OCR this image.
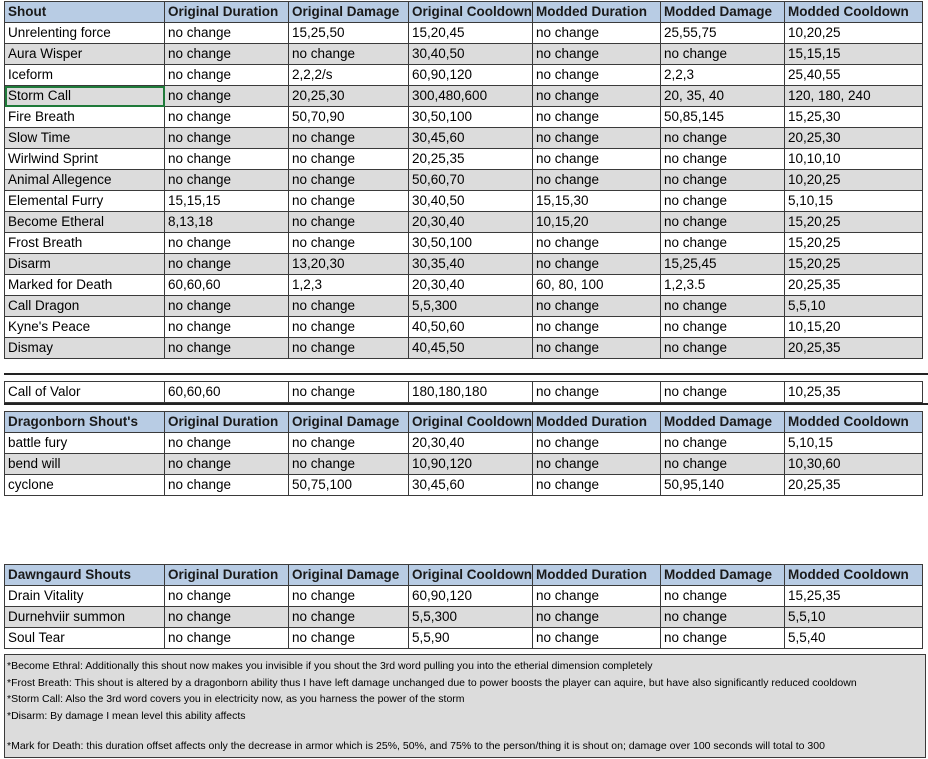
Shout	Original Duration	Original Damage	Original Cooldown	Modded Duration	Modded Damage	Modded Cooldown
Unrelenting force	no change	15,25,50	15,20,45	no change	25,55,75	10,20,25
Aura Wisper	no change	no change	30,40,50	no change	no change	15,15,15
Iceform	no change	2,2,2/s	60,90,120	no change	2,2,3	25,40,55
Storm Call	no change	20,25,30	300,480,600	no change	20, 35, 40	120, 180, 240
Fire Breath	no change	50,70,90	30,50,100	no change	50,85,145	15,25,30
Slow Time	no change	no change	30,45,60	no change	no change	20,25,30
Wirlwind Sprint	no change	no change	20,25,35	no change	no change	10,10,10
Animal Allegence	no change	no change	50,60,70	no change	no change	10,20,25
Elemental Furry	15,15,15	no change	30,40,50	15,15,30	no change	5,10,15
Become Etheral	8,13,18	no change	20,30,40	10,15,20	no change	15,20,25
Frost Breath	no change	no change	30,50,100	no change	no change	15,20,25
Disarm	no change	13,20,30	30,35,40	no change	15,25,45	15,20,25
Marked for Death	60,60,60	1,2,3	20,30,40	60, 80, 100	1,2,3.5	20,25,35
Call Dragon	no change	no change	5,5,300	no change	no change	5,5,10
Kyne's Peace	no change	no change	40,50,60	no change	no change	10,15,20
Dismay	no change	no change	40,45,50	no change	no change	20,25,35
Call of Valor	60,60,60	no change	180,180,180	no change	no change	10,25,35
Dragonborn Shout's	Original Duration	Original Damage	Original Cooldown	Modded Duration	Modded Damage	Modded Cooldown
battle fury	no change	no change	20,30,40	no change	no change	5,10,15
bend will	no change	no change	10,90,120	no change	no change	10,30,60
cyclone	no change	50,75,100	30,45,60	no change	50,95,140	20,25,35
Dawngaurd Shouts	Original Duration	Original Damage	Original Cooldown	Modded Duration	Modded Damage	Modded Cooldown
Drain Vitality	no change	no change	60,90,120	no change	no change	15,25,35
Durnehviir summon	no change	no change	5,5,300	no change	no change	5,5,10
Soul Tear	no change	no change	5,5,90	no change	no change	5,5,40
*Become Ethral: Additionally this shout now makes you invisible if you shout the 3rd word pulling you into the etherial dimension completely
*Frost Breath: This shout is altered by a dragonborn ability thus I have left damage unchanged due to power boosts the player can aquire, but have also significantly reduced cooldown
*Storm Call: Also the 3rd word covers you in electricity now, as you harness the power of the storm
*Disarm: By damage I mean level this ability affects
*Mark for Death: this duration offset affects only the decrease in armor which is 25%, 50%, and 75% to the person/thing it is shout on; damage over 100 seconds will total to 300
